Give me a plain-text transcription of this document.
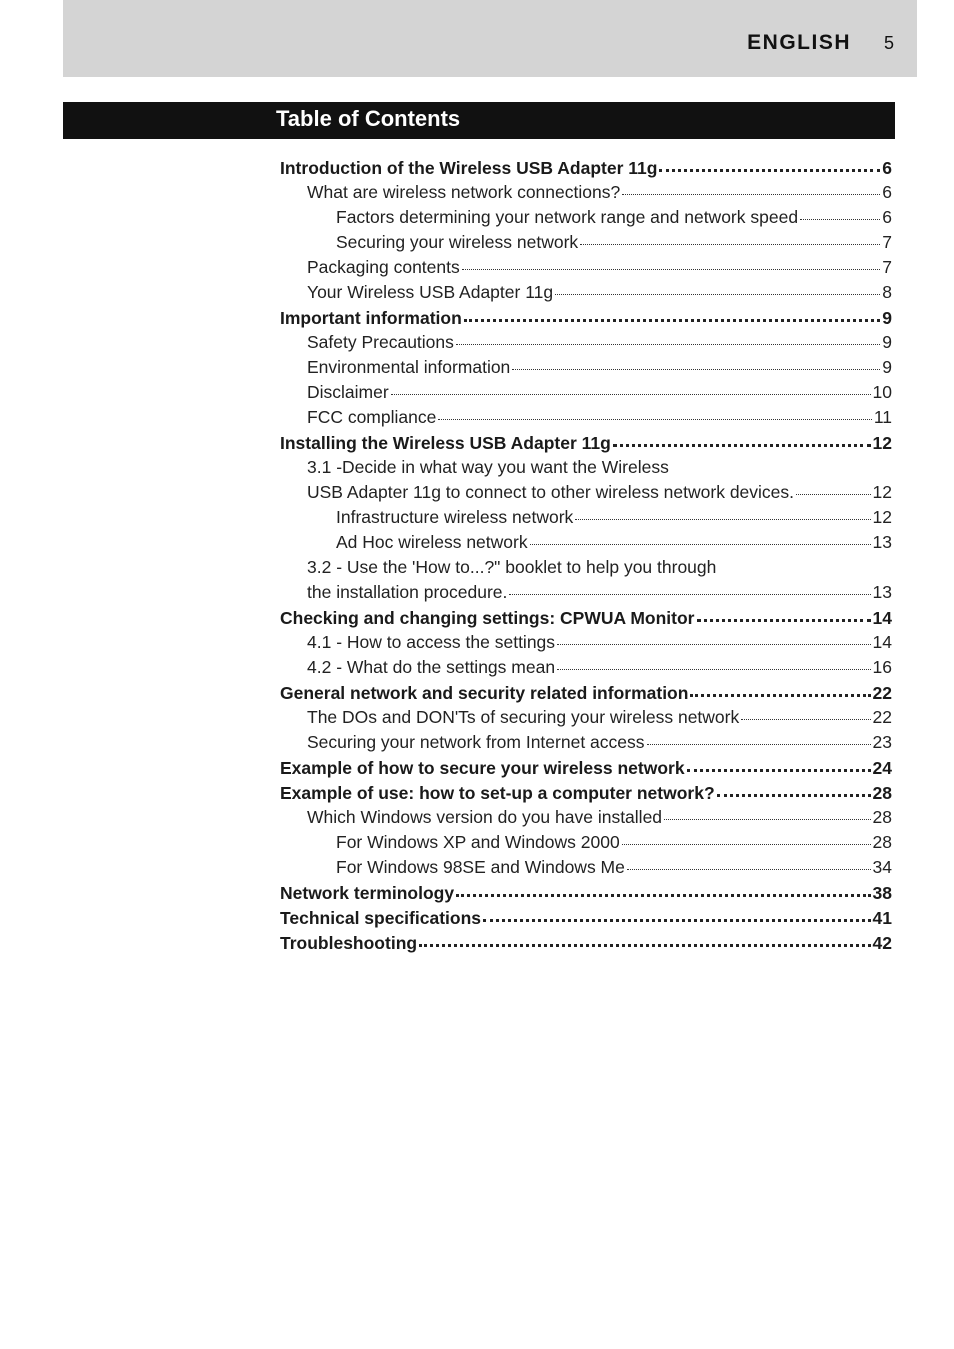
ENGLISH 5
Table of Contents
Introduction of the Wireless USB Adapter 11g	6
What are wireless network connections?	6
Factors determining your network range and network speed	6
Securing your wireless network	7
Packaging contents	7
Your Wireless USB Adapter 11g	8
Important information	9
Safety Precautions	9
Environmental information	9
Disclaimer	10
FCC compliance	11
Installing the Wireless USB Adapter 11g	12
3.1 -Decide in what way you want the Wireless
USB Adapter 11g to connect to other wireless network devices.	12
Infrastructure wireless network	12
Ad Hoc wireless network	13
3.2 - Use the 'How to...?" booklet to help you through
the installation procedure.	13
Checking and changing settings: CPWUA Monitor	14
4.1 - How to access the settings	14
4.2 - What do the settings mean	16
General network and security related information	22
The DOs and DON'Ts of securing your wireless network	22
Securing your network from Internet access	23
Example of how to secure your wireless network	24
Example of use: how to set-up a computer network?	28
Which Windows version do you have installed	28
For Windows XP and Windows 2000	28
For Windows 98SE and Windows Me	34
Network terminology	38
Technical specifications	41
Troubleshooting	42
